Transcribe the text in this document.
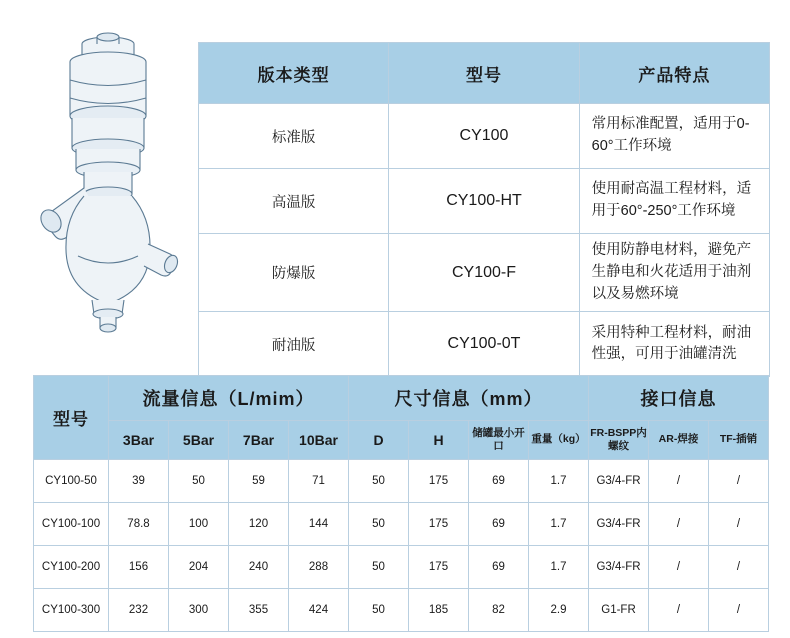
版本类型	型号	产品特点
标准版	CY100	常用标准配置，适用于0-60°工作环境
高温版	CY100-HT	使用耐高温工程材料，适用于60°-250°工作环境
防爆版	CY100-F	使用防静电材料，避免产生静电和火花适用于油剂以及易燃环境
耐油版	CY100-0T	采用特种工程材料，耐油性强，可用于油罐清洗
型号	流量信息（L/mim）				尺寸信息（mm）				接口信息		
	3Bar	5Bar	7Bar	10Bar	D	H	储罐最小开口	重量（kg）	FR-BSPP内螺纹	AR-焊接	TF-插销
CY100-50	39	50	59	71	50	175	69	1.7	G3/4-FR	/	/
CY100-100	78.8	100	120	144	50	175	69	1.7	G3/4-FR	/	/
CY100-200	156	204	240	288	50	175	69	1.7	G3/4-FR	/	/
CY100-300	232	300	355	424	50	185	82	2.9	G1-FR	/	/
